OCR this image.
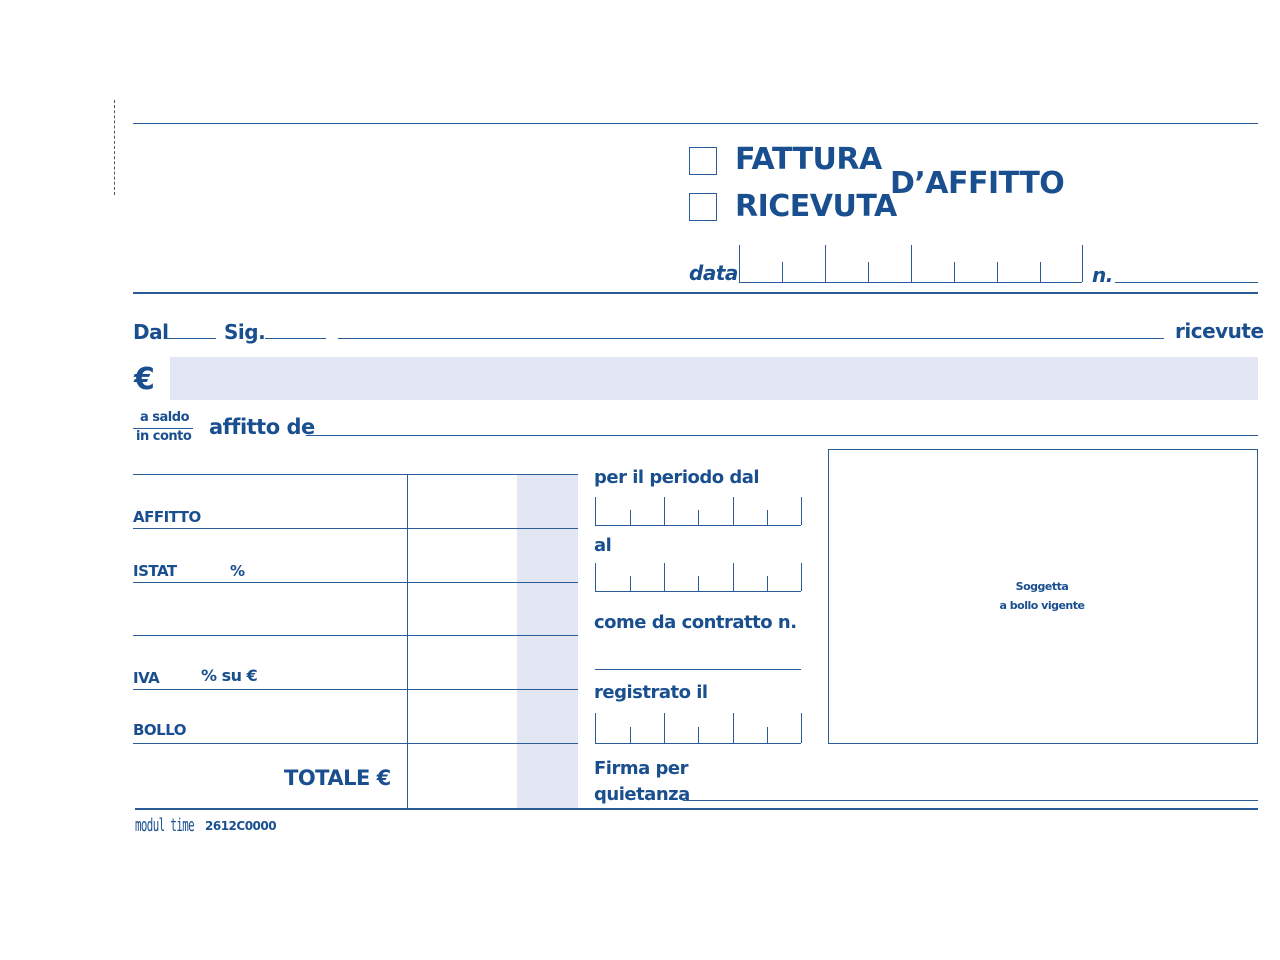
FATTURA
RICEVUTA
D’AFFITTO
data	n.
Dal	Sig.	ricevute
€
a saldo
in conto affitto de
AFFITTO
ISTAT	%
IVA	% su €
BOLLO
TOTALE €
per il periodo dal
al
come da contratto n.
registrato il
Firma per
quietanza
Soggetta
a bollo vigente
modul time 2612C0000
